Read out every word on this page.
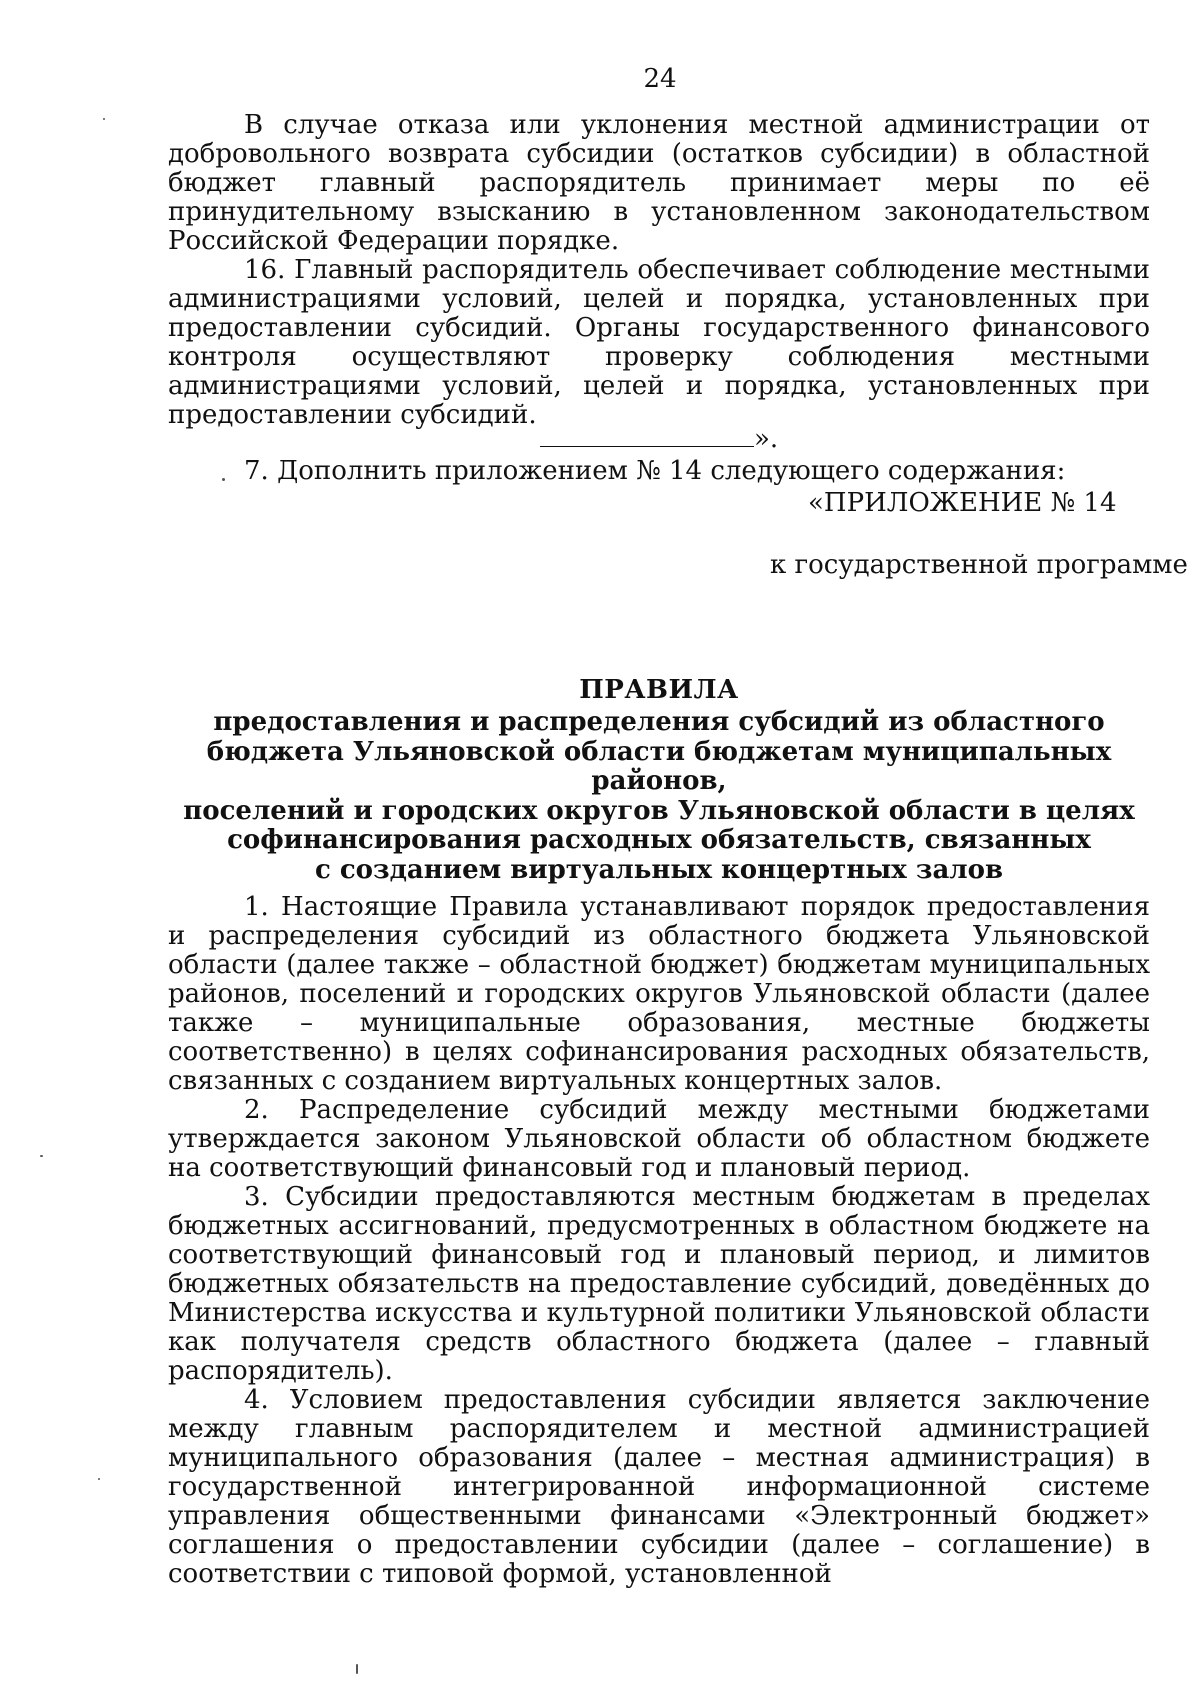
24

В случае отказа или уклонения местной администрации от добровольного возврата субсидии (остатков субсидии) в областной бюджет главный распорядитель принимает меры по её принудительному взысканию в установленном законодательством Российской Федерации порядке.

16. Главный распорядитель обеспечивает соблюдение местными администрациями условий, целей и порядка, установленных при предоставлении субсидий. Органы государственного финансового контроля осуществляют проверку соблюдения местными администрациями условий, целей и порядка, установленных при предоставлении субсидий.

».
7. Дополнить приложением № 14 следующего содержания:
«ПРИЛОЖЕНИЕ № 14
к государственной программе
ПРАВИЛА
предоставления и распределения субсидий из областного
бюджета Ульяновской области бюджетам муниципальных районов,
поселений и городских округов Ульяновской области в целях
софинансирования расходных обязательств, связанных
с созданием виртуальных концертных залов

1. Настоящие Правила устанавливают порядок предоставления и распределения субсидий из областного бюджета Ульяновской области (далее также – областной бюджет) бюджетам муниципальных районов, поселений и городских округов Ульяновской области (далее также – муниципальные образования, местные бюджеты соответственно) в целях софинансирования расходных обязательств, связанных с созданием виртуальных концертных залов.

2. Распределение субсидий между местными бюджетами утверждается законом Ульяновской области об областном бюджете на соответствующий финансовый год и плановый период.

3. Субсидии предоставляются местным бюджетам в пределах бюджетных ассигнований, предусмотренных в областном бюджете на соответствующий финансовый год и плановый период, и лимитов бюджетных обязательств на предоставление субсидий, доведённых до Министерства искусства и культурной политики Ульяновской области как получателя средств областного бюджета (далее – главный распорядитель).

4. Условием предоставления субсидии является заключение между главным распорядителем и местной администрацией муниципального образования (далее – местная администрация) в государственной интегрированной информационной системе управления общественными финансами «Электронный бюджет» соглашения о предоставлении субсидии (далее – соглашение) в соответствии с типовой формой, установленной
